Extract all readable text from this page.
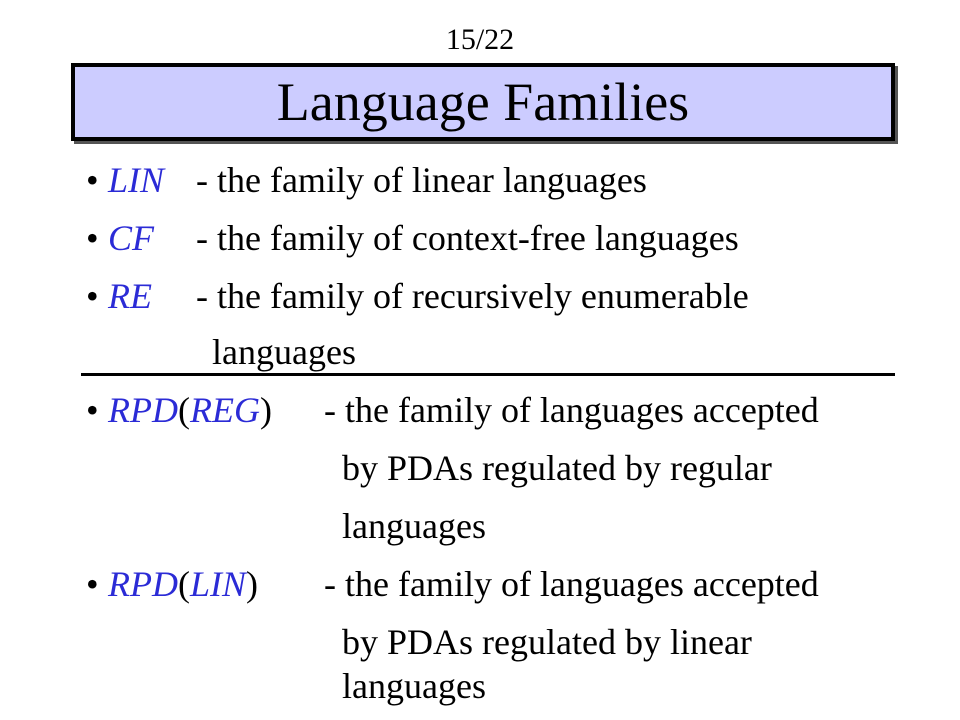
15/22
Language Families
• LIN - the family of linear languages
• CF - the family of context-free languages
• RE - the family of recursively enumerable
languages
• RPD(REG) - the family of languages accepted
by PDAs regulated by regular
languages
• RPD(LIN) - the family of languages accepted
by PDAs regulated by linear
languages
